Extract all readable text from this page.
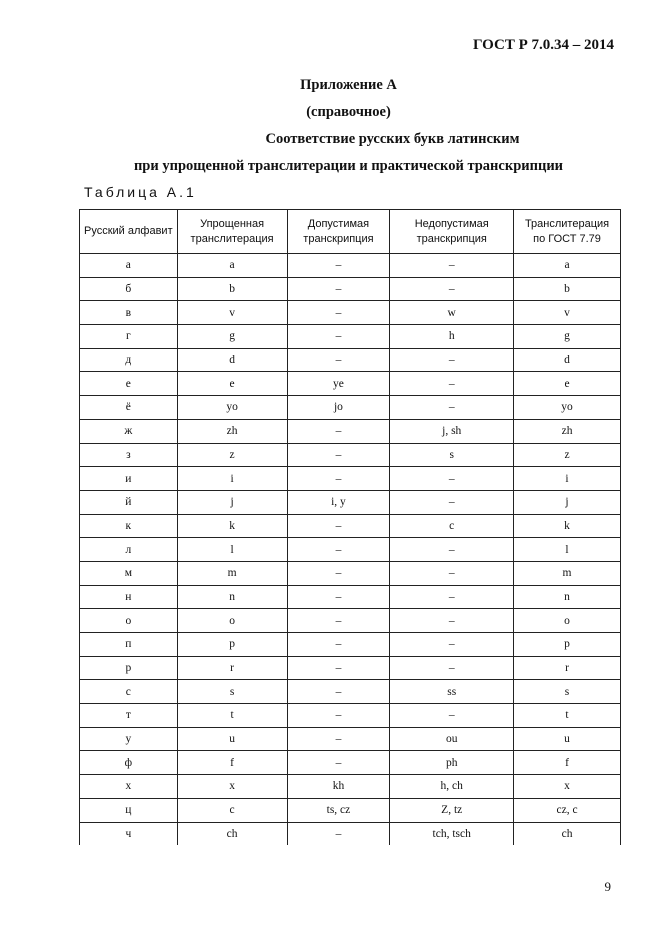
ГОСТ Р 7.0.34 – 2014
Приложение А
(справочное)
Соответствие русских букв латинским
при упрощенной транслитерации и практической транскрипции
Таблица А.1
Русский алфавит	Упрощенная транслитерация	Допустимая транскрипция	Недопустимая транскрипция	Транслитерация по ГОСТ 7.79
а	a	–	–	a
б	b	–	–	b
в	v	–	w	v
г	g	–	h	g
д	d	–	–	d
е	e	ye	–	e
ё	yo	jo	–	yo
ж	zh	–	j, sh	zh
з	z	–	s	z
и	i	–	–	i
й	j	i, y	–	j
к	k	–	c	k
л	l	–	–	l
м	m	–	–	m
н	n	–	–	n
о	o	–	–	o
п	p	–	–	p
р	r	–	–	r
с	s	–	ss	s
т	t	–	–	t
у	u	–	ou	u
ф	f	–	ph	f
х	x	kh	h, ch	x
ц	c	ts, cz	Z, tz	cz, c
ч	ch	–	tch, tsch	ch
9
